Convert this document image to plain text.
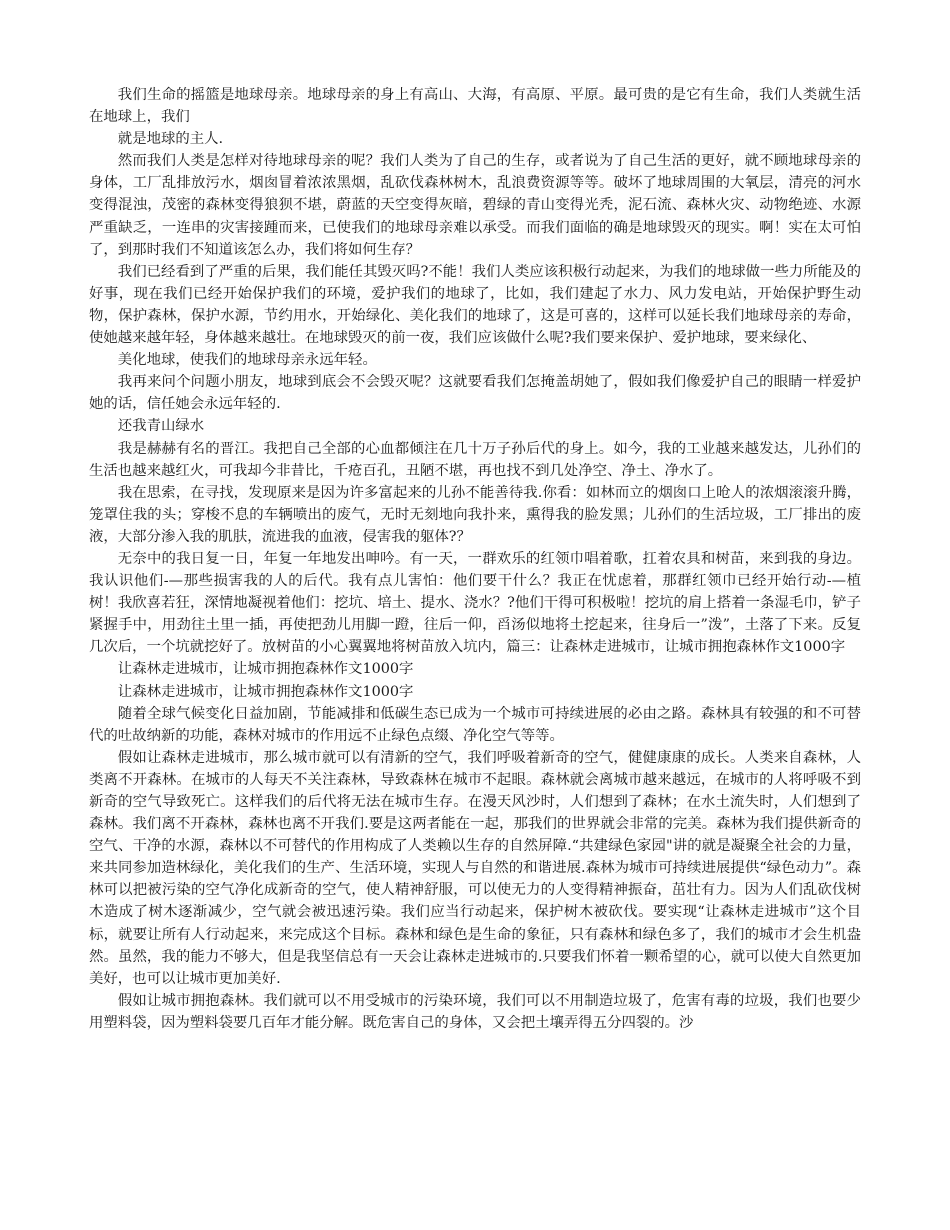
我们生命的摇篮是地球母亲。地球母亲的身上有高山、大海，有高原、平原。最可贵的是它有生命，我们人类就生活在地球上，我们

就是地球的主人.

然而我们人类是怎样对待地球母亲的呢？我们人类为了自己的生存，或者说为了自己生活的更好，就不顾地球母亲的身体，工厂乱排放污水，烟囱冒着浓浓黑烟，乱砍伐森林树木，乱浪费资源等等。破坏了地球周围的大氧层，清亮的河水变得混浊，茂密的森林变得狼狈不堪，蔚蓝的天空变得灰暗，碧绿的青山变得光秃，泥石流、森林火灾、动物绝迹、水源严重缺乏，一连串的灾害接踵而来，已使我们的地球母亲难以承受。而我们面临的确是地球毁灭的现实。啊！实在太可怕了，到那时我们不知道该怎么办，我们将如何生存？

我们已经看到了严重的后果，我们能任其毁灭吗?不能！我们人类应该积极行动起来，为我们的地球做一些力所能及的好事，现在我们已经开始保护我们的环境，爱护我们的地球了，比如，我们建起了水力、风力发电站，开始保护野生动物，保护森林，保护水源，节约用水，开始绿化、美化我们的地球了，这是可喜的，这样可以延长我们地球母亲的寿命，使她越来越年轻，身体越来越壮。在地球毁灭的前一夜，我们应该做什么呢?我们要来保护、爱护地球，要来绿化、

美化地球，使我们的地球母亲永远年轻。

我再来问个问题小朋友，地球到底会不会毁灭呢？这就要看我们怎掩盖胡她了，假如我们像爱护自己的眼睛一样爱护她的话，信任她会永远年轻的.

还我青山绿水

我是赫赫有名的晋江。我把自己全部的心血都倾注在几十万子孙后代的身上。如今，我的工业越来越发达，儿孙们的生活也越来越红火，可我却今非昔比，千疮百孔，丑陋不堪，再也找不到几处净空、净土、净水了。

我在思索，在寻找，发现原来是因为许多富起来的儿孙不能善待我.你看：如林而立的烟囱口上呛人的浓烟滚滚升腾，笼罩住我的头；穿梭不息的车辆喷出的废气，无时无刻地向我扑来，熏得我的脸发黑；儿孙们的生活垃圾，工厂排出的废液，大部分渗入我的肌肤，流进我的血液，侵害我的躯体?？

无奈中的我日复一日，年复一年地发出呻吟。有一天，一群欢乐的红领巾唱着歌，扛着农具和树苗，来到我的身边。我认识他们-—那些损害我的人的后代。我有点儿害怕：他们要干什么？我正在忧虑着，那群红领巾已经开始行动-—植树！我欣喜若狂，深情地凝视着他们：挖坑、培土、提水、浇水？?他们干得可积极啦！挖坑的肩上搭着一条湿毛巾，铲子紧握手中，用劲往土里一插，再使把劲儿用脚一蹬，往后一仰，舀汤似地将土挖起来，往身后一”泼”，土落了下来。反复几次后，一个坑就挖好了。放树苗的小心翼翼地将树苗放入坑内，篇三：让森林走进城市，让城市拥抱森林作文1000字

让森林走进城市，让城市拥抱森林作文1000字

让森林走进城市，让城市拥抱森林作文1000字

随着全球气候变化日益加剧，节能减排和低碳生态已成为一个城市可持续进展的必由之路。森林具有较强的和不可替代的吐故纳新的功能，森林对城市的作用远不止绿色点缀、净化空气等等。

假如让森林走进城市，那么城市就可以有清新的空气，我们呼吸着新奇的空气，健健康康的成长。人类来自森林，人类离不开森林。在城市的人每天不关注森林，导致森林在城市不起眼。森林就会离城市越来越远，在城市的人将呼吸不到新奇的空气导致死亡。这样我们的后代将无法在城市生存。在漫天风沙时，人们想到了森林；在水土流失时，人们想到了森林。我们离不开森林，森林也离不开我们.要是这两者能在一起，那我们的世界就会非常的完美。森林为我们提供新奇的空气、干净的水源，森林以不可替代的作用构成了人类赖以生存的自然屏障.“共建绿色家园"讲的就是凝聚全社会的力量，来共同参加造林绿化，美化我们的生产、生活环境，实现人与自然的和谐进展.森林为城市可持续进展提供“绿色动力”。森林可以把被污染的空气净化成新奇的空气，使人精神舒服，可以使无力的人变得精神振奋，茁壮有力。因为人们乱砍伐树木造成了树木逐渐减少，空气就会被迅速污染。我们应当行动起来，保护树木被砍伐。要实现“让森林走进城市”这个目标，就要让所有人行动起来，来完成这个目标。森林和绿色是生命的象征，只有森林和绿色多了，我们的城市才会生机盎然。虽然，我的能力不够大，但是我坚信总有一天会让森林走进城市的.只要我们怀着一颗希望的心，就可以使大自然更加美好，也可以让城市更加美好.

假如让城市拥抱森林。我们就可以不用受城市的污染环境，我们可以不用制造垃圾了，危害有毒的垃圾，我们也要少用塑料袋，因为塑料袋要几百年才能分解。既危害自己的身体，又会把土壤弄得五分四裂的。沙
